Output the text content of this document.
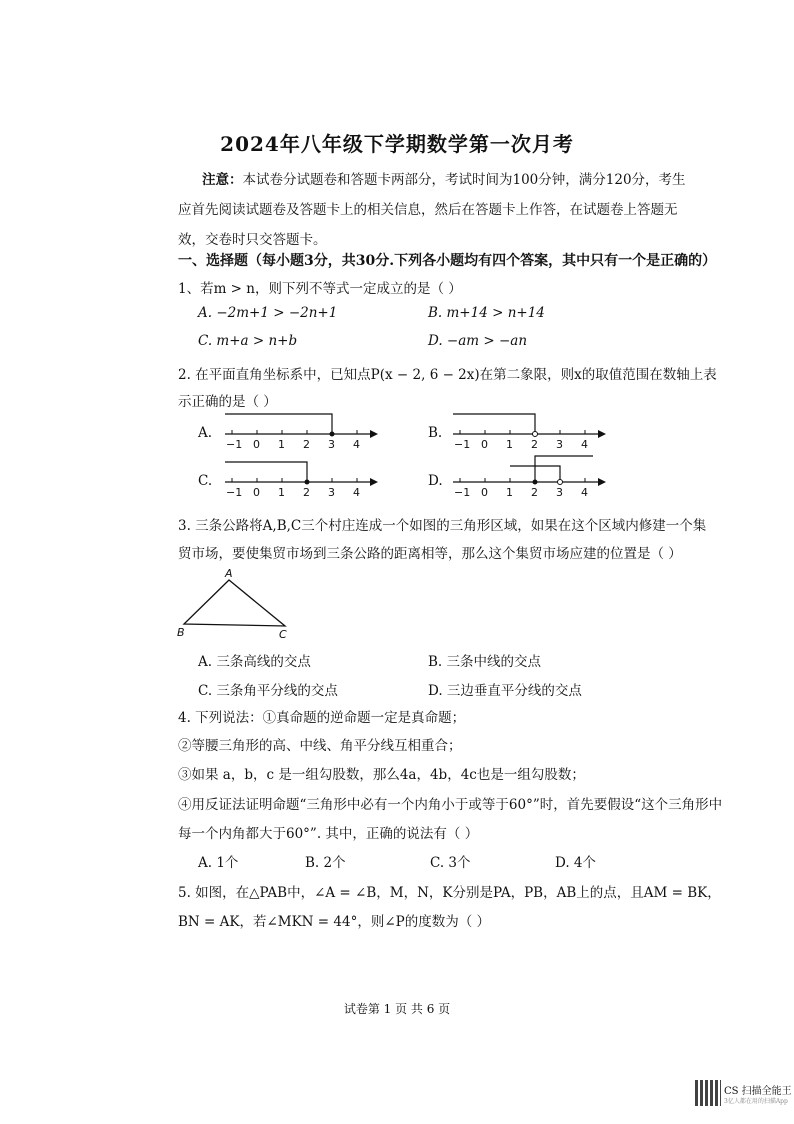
2024年八年级下学期数学第一次月考
注意：本试卷分试题卷和答题卡两部分，考试时间为100分钟，满分120分，考生应首先阅读试题卷及答题卡上的相关信息，然后在答题卡上作答，在试题卷上答题无效，交卷时只交答题卡。
一、选择题（每小题3分，共30分.下列各小题均有四个答案，其中只有一个是正确的）
1、若m > n，则下列不等式一定成立的是（ ）
A. −2m+1 > −2n+1	B. m+14 > n+14
C. m+a > n+b	D. −am > −an
2. 在平面直角坐标系中，已知点P(x − 2, 6 − 2x)在第二象限，则x的取值范围在数轴上表
示正确的是（ ）
A.	B.
C.	D.
−1 0 1 2 3 4	−1 0 1 2 3 4
−1 0 1 2 3 4	−1 0 1 2 3 4
3. 三条公路将A,B,C三个村庄连成一个如图的三角形区域，如果在这个区域内修建一个集
贸市场，要使集贸市场到三条公路的距离相等，那么这个集贸市场应建的位置是（ ）
A
B	C
A. 三条高线的交点	B. 三条中线的交点
C. 三条角平分线的交点	D. 三边垂直平分线的交点
4. 下列说法：①真命题的逆命题一定是真命题；
②等腰三角形的高、中线、角平分线互相重合；
③如果 a，b，c 是一组勾股数，那么4a，4b，4c也是一组勾股数；
④用反证法证明命题“三角形中必有一个内角小于或等于60°”时，首先要假设“这个三角形中
每一个内角都大于60°”. 其中，正确的说法有（ ）
A. 1个	B. 2个	C. 3个	D. 4个
5. 如图，在△PAB中，∠A = ∠B，M，N，K分别是PA，PB，AB上的点，且AM = BK，
BN = AK，若∠MKN = 44°，则∠P的度数为（ ）
试卷第 1 页 共 6 页
CS 扫描全能王
3亿人都在用的扫描App
